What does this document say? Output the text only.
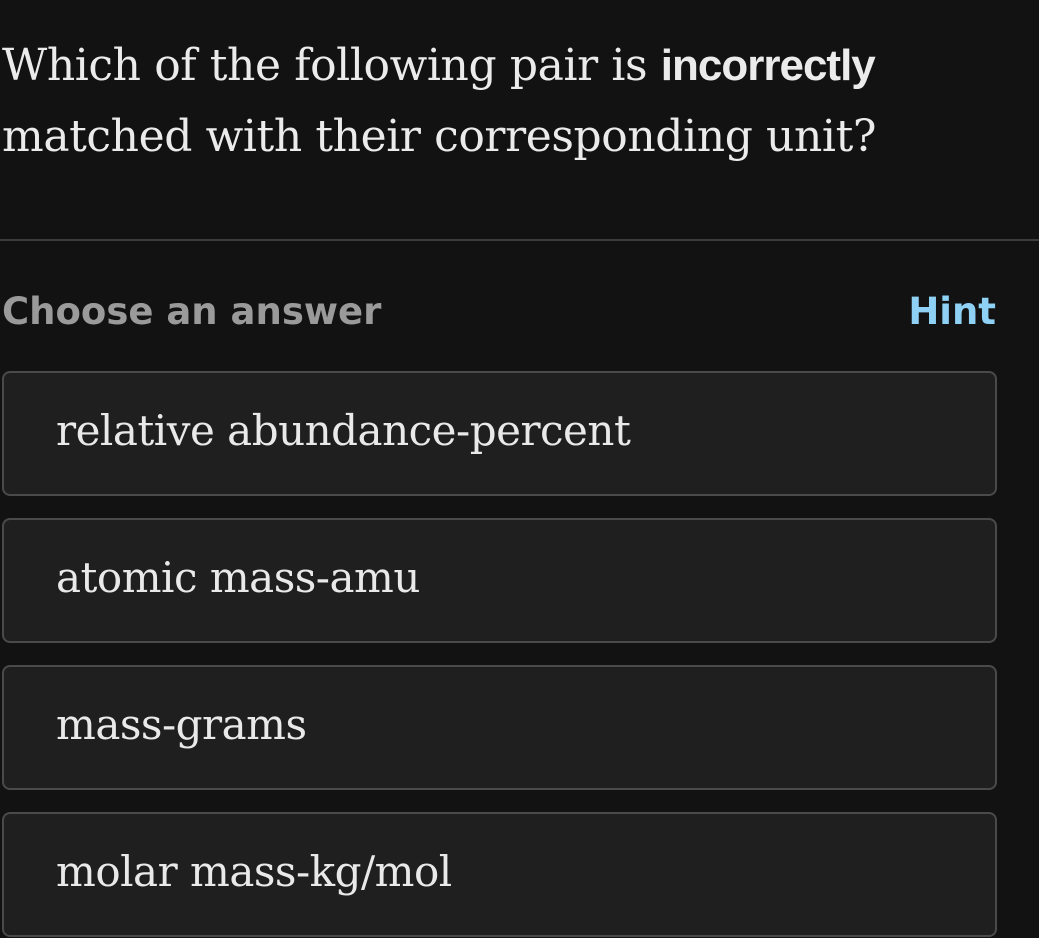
Which of the following pair is incorrectly matched with their corresponding unit?
Choose an answer	Hint
relative abundance-percent
atomic mass-amu
mass-grams
molar mass-kg/mol
